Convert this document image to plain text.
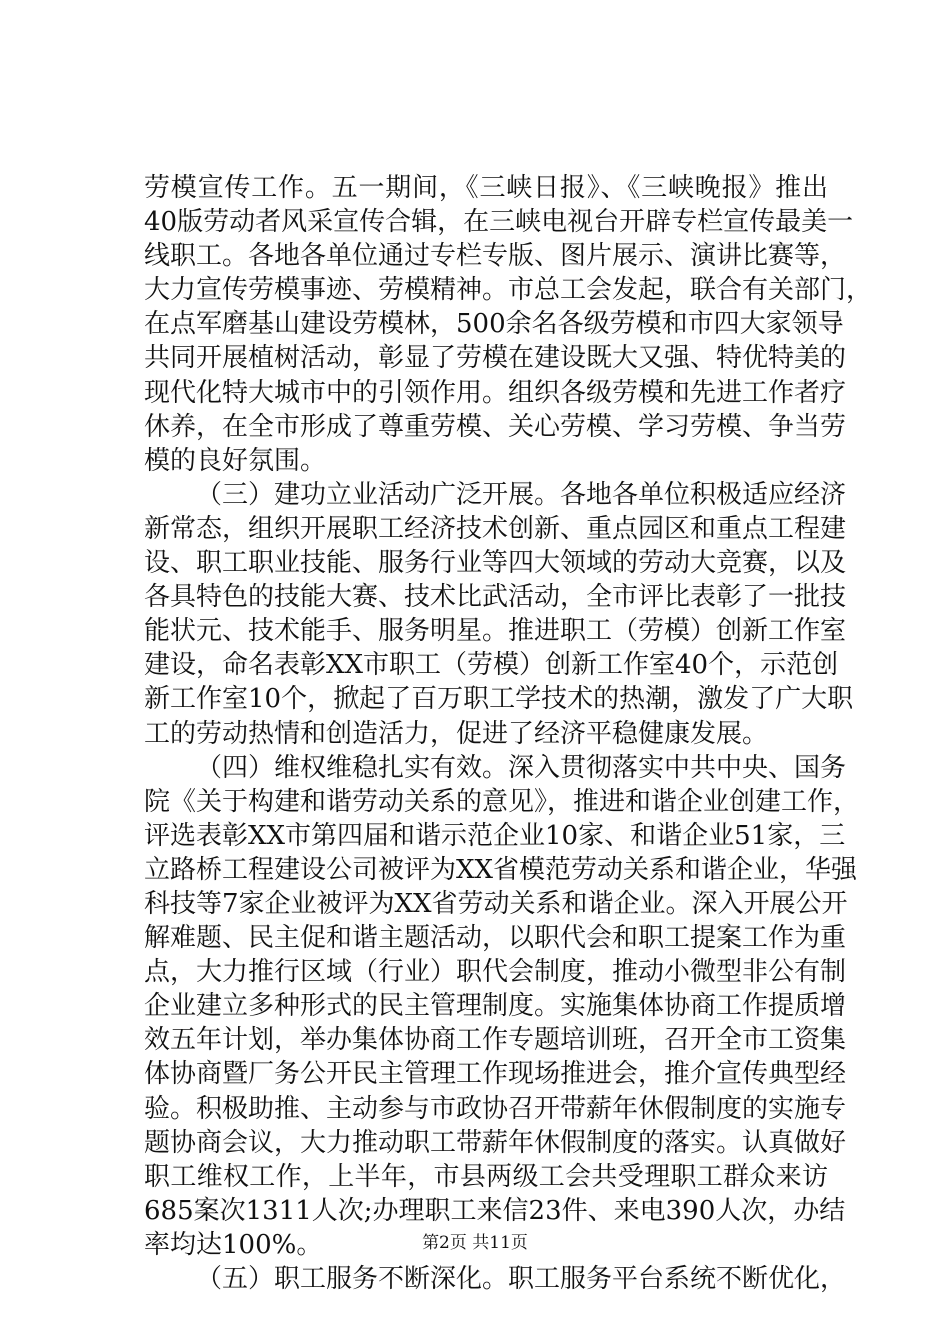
劳模宣传工作。五一期间，《三峡日报》、《三峡晚报》推出
40版劳动者风采宣传合辑，在三峡电视台开辟专栏宣传最美一
线职工。各地各单位通过专栏专版、图片展示、演讲比赛等，
大力宣传劳模事迹、劳模精神。市总工会发起，联合有关部门，
在点军磨基山建设劳模林，500余名各级劳模和市四大家领导
共同开展植树活动，彰显了劳模在建设既大又强、特优特美的
现代化特大城市中的引领作用。组织各级劳模和先进工作者疗
休养，在全市形成了尊重劳模、关心劳模、学习劳模、争当劳
模的良好氛围。
（三）建功立业活动广泛开展。各地各单位积极适应经济
新常态，组织开展职工经济技术创新、重点园区和重点工程建
设、职工职业技能、服务行业等四大领域的劳动大竞赛，以及
各具特色的技能大赛、技术比武活动，全市评比表彰了一批技
能状元、技术能手、服务明星。推进职工（劳模）创新工作室
建设，命名表彰XX市职工（劳模）创新工作室40个，示范创
新工作室10个，掀起了百万职工学技术的热潮，激发了广大职
工的劳动热情和创造活力，促进了经济平稳健康发展。
（四）维权维稳扎实有效。深入贯彻落实中共中央、国务
院《关于构建和谐劳动关系的意见》，推进和谐企业创建工作，
评选表彰XX市第四届和谐示范企业10家、和谐企业51家，三
立路桥工程建设公司被评为XX省模范劳动关系和谐企业，华强
科技等7家企业被评为XX省劳动关系和谐企业。深入开展公开
解难题、民主促和谐主题活动，以职代会和职工提案工作为重
点，大力推行区域（行业）职代会制度，推动小微型非公有制
企业建立多种形式的民主管理制度。实施集体协商工作提质增
效五年计划，举办集体协商工作专题培训班，召开全市工资集
体协商暨厂务公开民主管理工作现场推进会，推介宣传典型经
验。积极助推、主动参与市政协召开带薪年休假制度的实施专
题协商会议，大力推动职工带薪年休假制度的落实。认真做好
职工维权工作，上半年，市县两级工会共受理职工群众来访
685案次1311人次;办理职工来信23件、来电390人次，办结
率均达100%。
（五）职工服务不断深化。职工服务平台系统不断优化，
第2页 共11页
